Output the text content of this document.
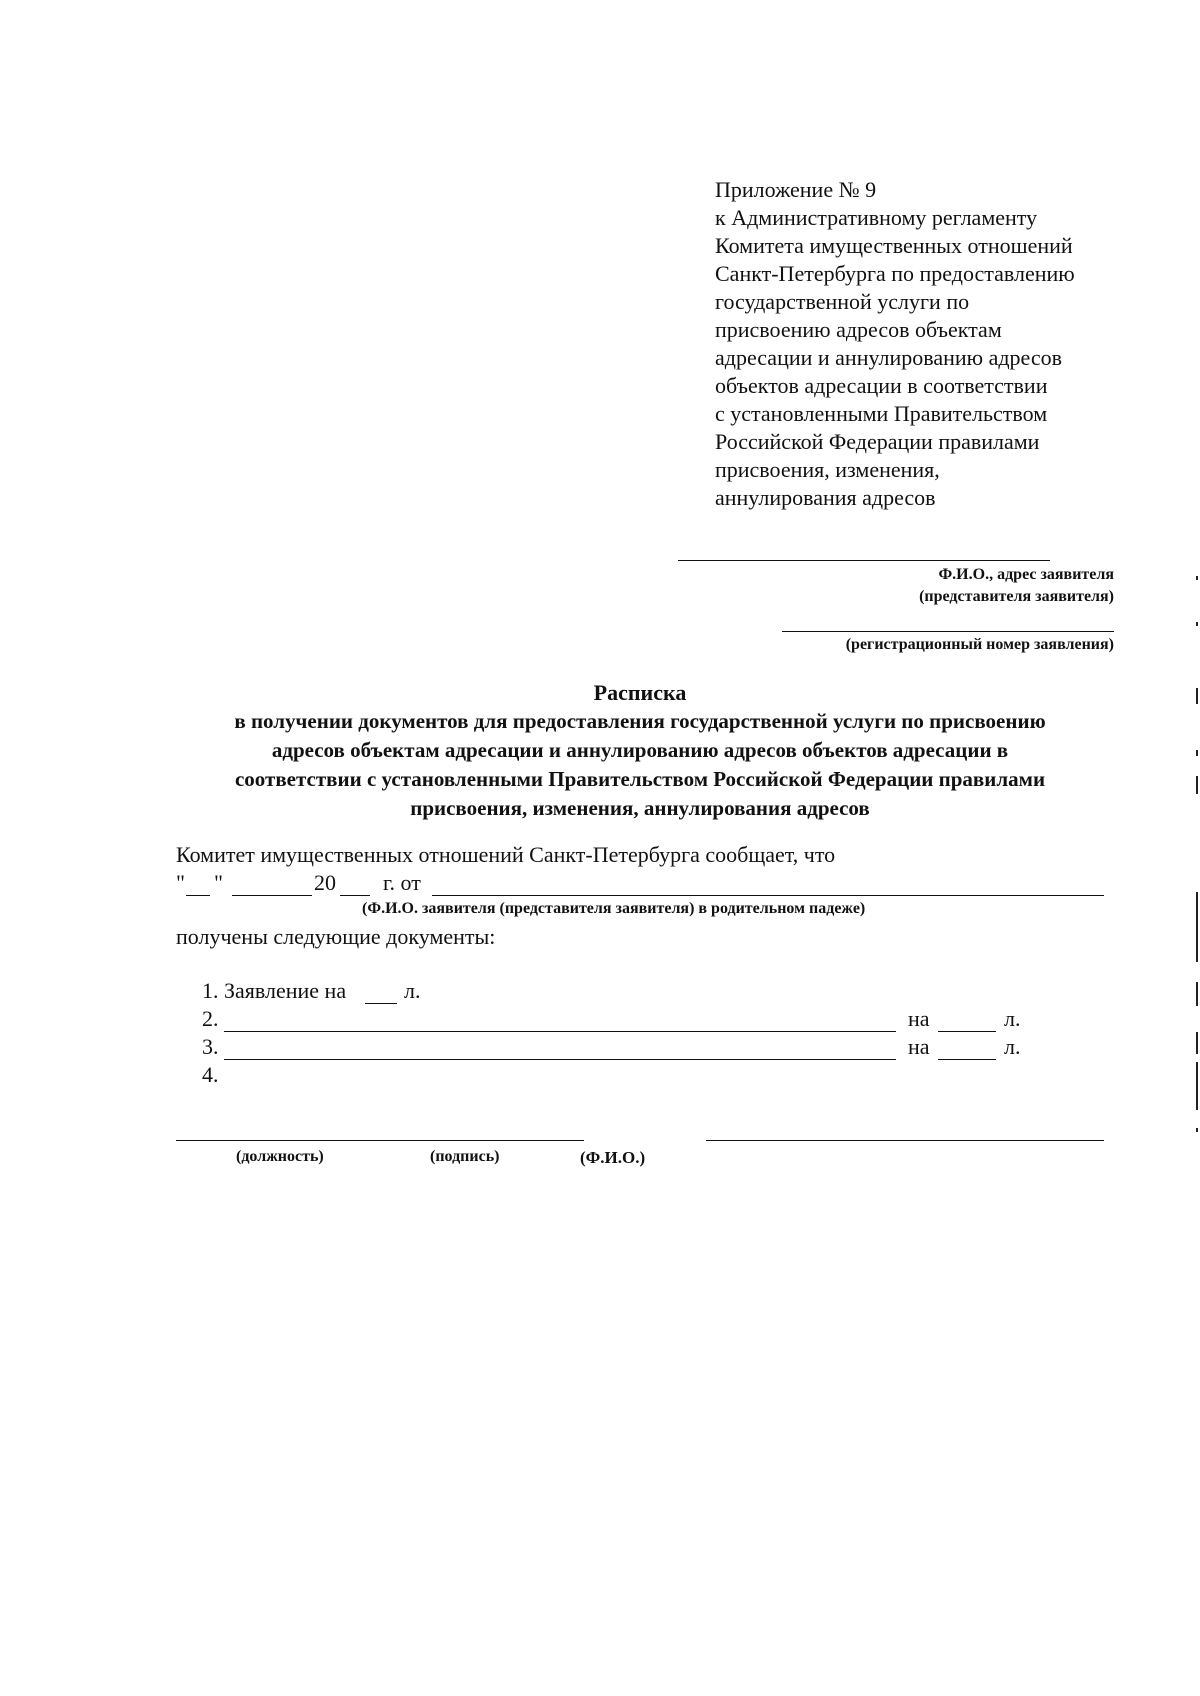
Приложение № 9
к Административному регламенту
Комитета имущественных отношений
Санкт-Петербурга по предоставлению
государственной услуги по
присвоению адресов объектам
адресации и аннулированию адресов
объектов адресации в соответствии
с установленными Правительством
Российской Федерации правилами
присвоения, изменения,
аннулирования адресов
Ф.И.О., адрес заявителя
(представителя заявителя)
(регистрационный номер заявления)
Расписка
в получении документов для предоставления государственной услуги по присвоению
адресов объектам адресации и аннулированию адресов объектов адресации в
соответствии с установленными Правительством Российской Федерации правилами
присвоения, изменения, аннулирования адресов
Комитет имущественных отношений Санкт-Петербурга сообщает, что
" "	20 г. от
(Ф.И.О. заявителя (представителя заявителя) в родительном падеже)
получены следующие документы:
1. Заявление на	л.
2.	на	л.
3.	на	л.
4.
(должность)	(подпись)	(Ф.И.О.)
